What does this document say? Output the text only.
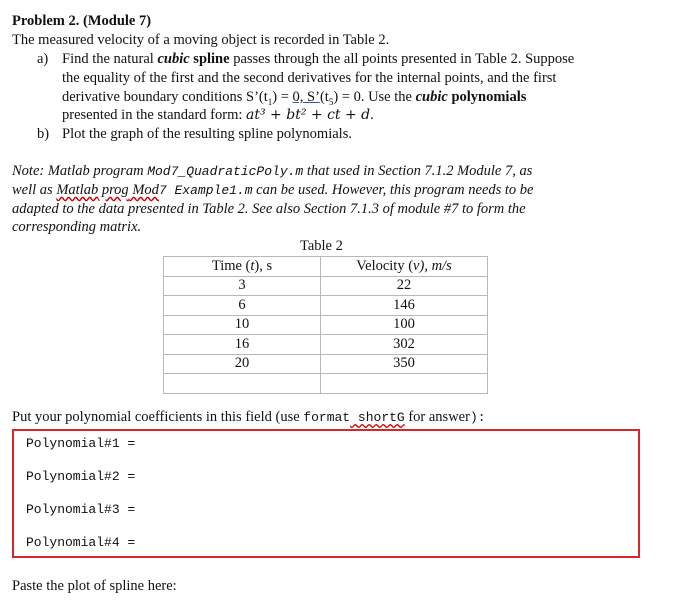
Problem 2. (Module 7)
The measured velocity of a moving object is recorded in Table 2.
a) Find the natural cubic spline passes through the all points presented in Table 2. Suppose
the equality of the first and the second derivatives for the internal points, and the first
derivative boundary conditions $S’(t_1) = 0$, $S’(t_5) = 0$. Use the cubic polynomials
presented in the standard form: at³ + bt² + ct + d.
b) Plot the graph of the resulting spline polynomials.
Note: Matlab program Mod7_QuadraticPoly.m that used in Section 7.1.2 Module 7, as
well as Matlab prog Mod7 Example1.m can be used. However, this program needs to be
adapted to the data presented in Table 2. See also Section 7.1.3 of module #7 to form the
corresponding matrix.
Table 2
Time (t), s	Velocity (v), m/s
3	22
6	146
10	100
16	302
20	350

Put your polynomial coefficients in this field (use format shortG for answer):
Polynomial#1 =
Polynomial#2 =
Polynomial#3 =
Polynomial#4 =
Paste the plot of spline here:
